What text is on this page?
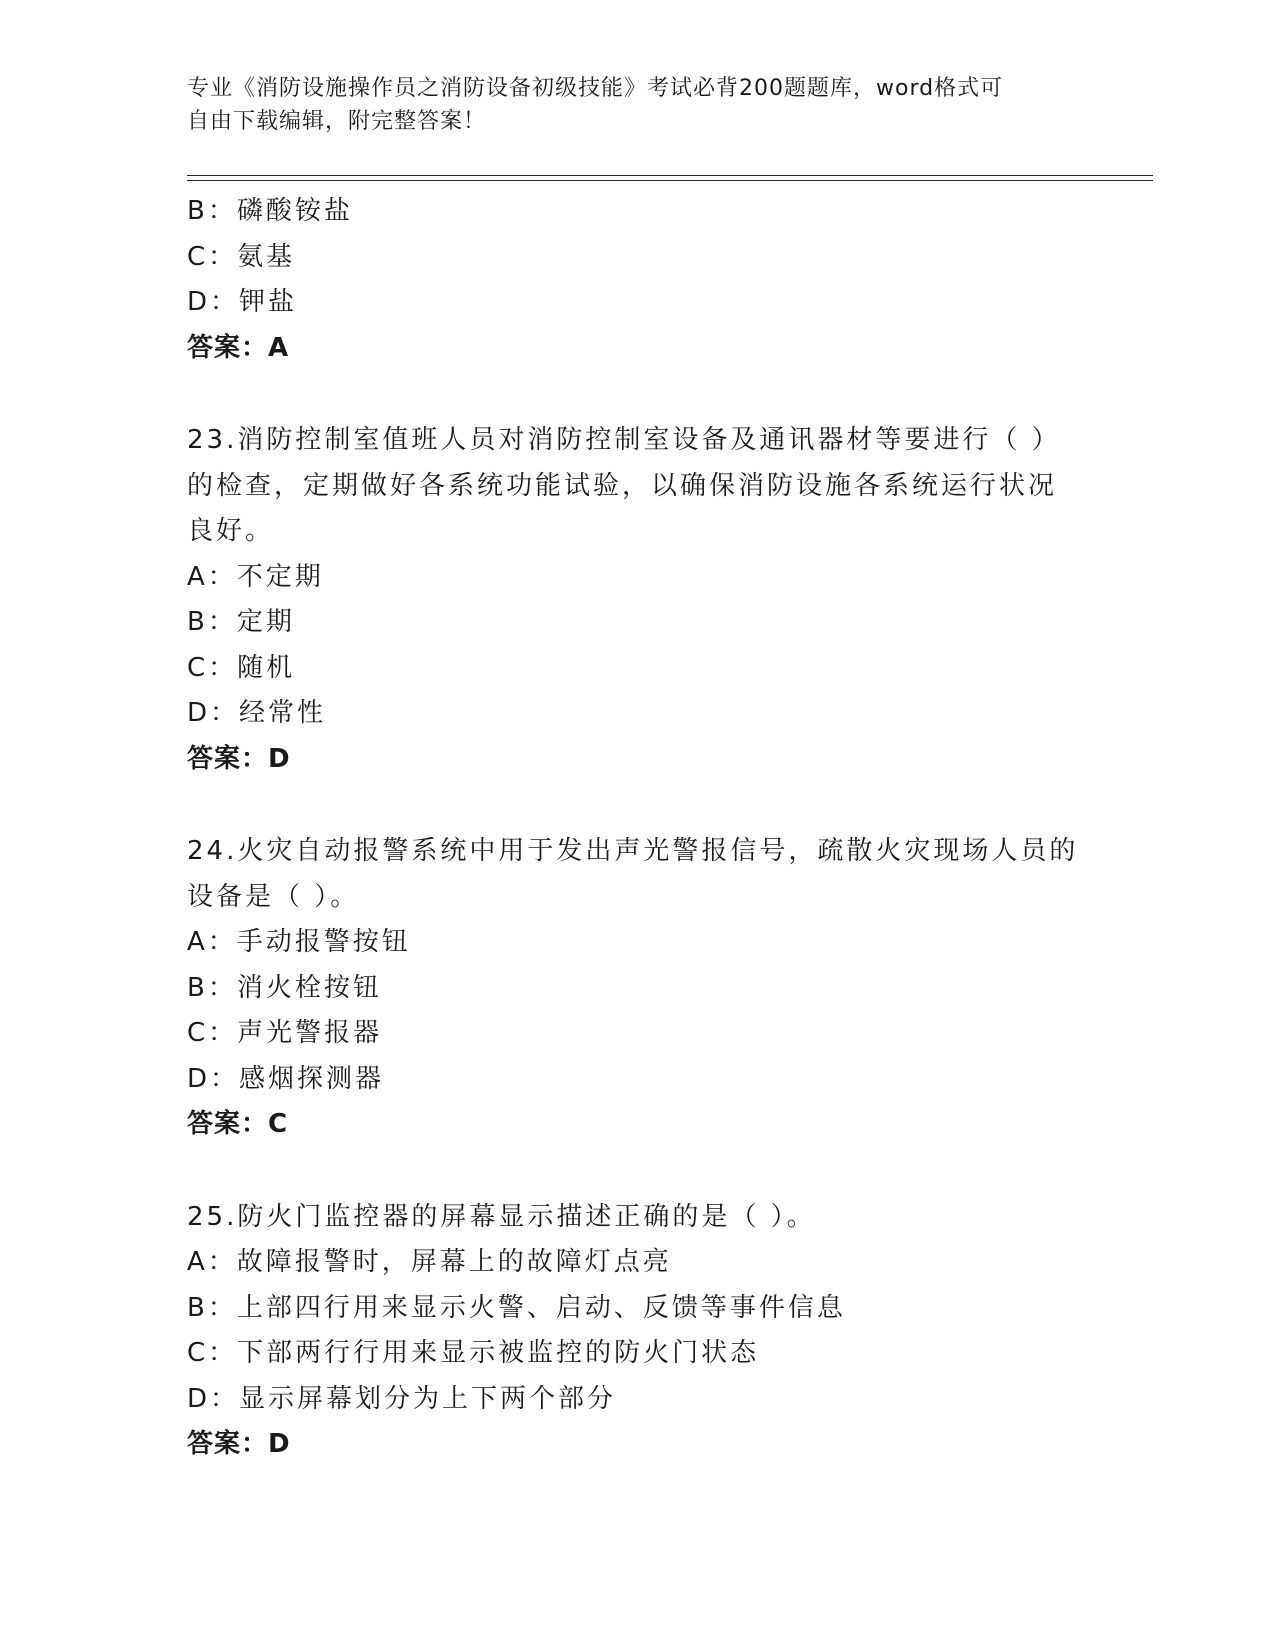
专业《消防设施操作员之消防设备初级技能》考试必背200题题库，word格式可
自由下载编辑，附完整答案！
B：磷酸铵盐
C：氨基
D：钾盐
答案：A
23.消防控制室值班人员对消防控制室设备及通讯器材等要进行（ ）
的检查，定期做好各系统功能试验，以确保消防设施各系统运行状况
良好。
A：不定期
B：定期
C：随机
D：经常性
答案：D
24.火灾自动报警系统中用于发出声光警报信号，疏散火灾现场人员的
设备是（ ）。
A：手动报警按钮
B：消火栓按钮
C：声光警报器
D：感烟探测器
答案：C
25.防火门监控器的屏幕显示描述正确的是（ ）。
A：故障报警时，屏幕上的故障灯点亮
B：上部四行用来显示火警、启动、反馈等事件信息
C：下部两行行用来显示被监控的防火门状态
D：显示屏幕划分为上下两个部分
答案：D
